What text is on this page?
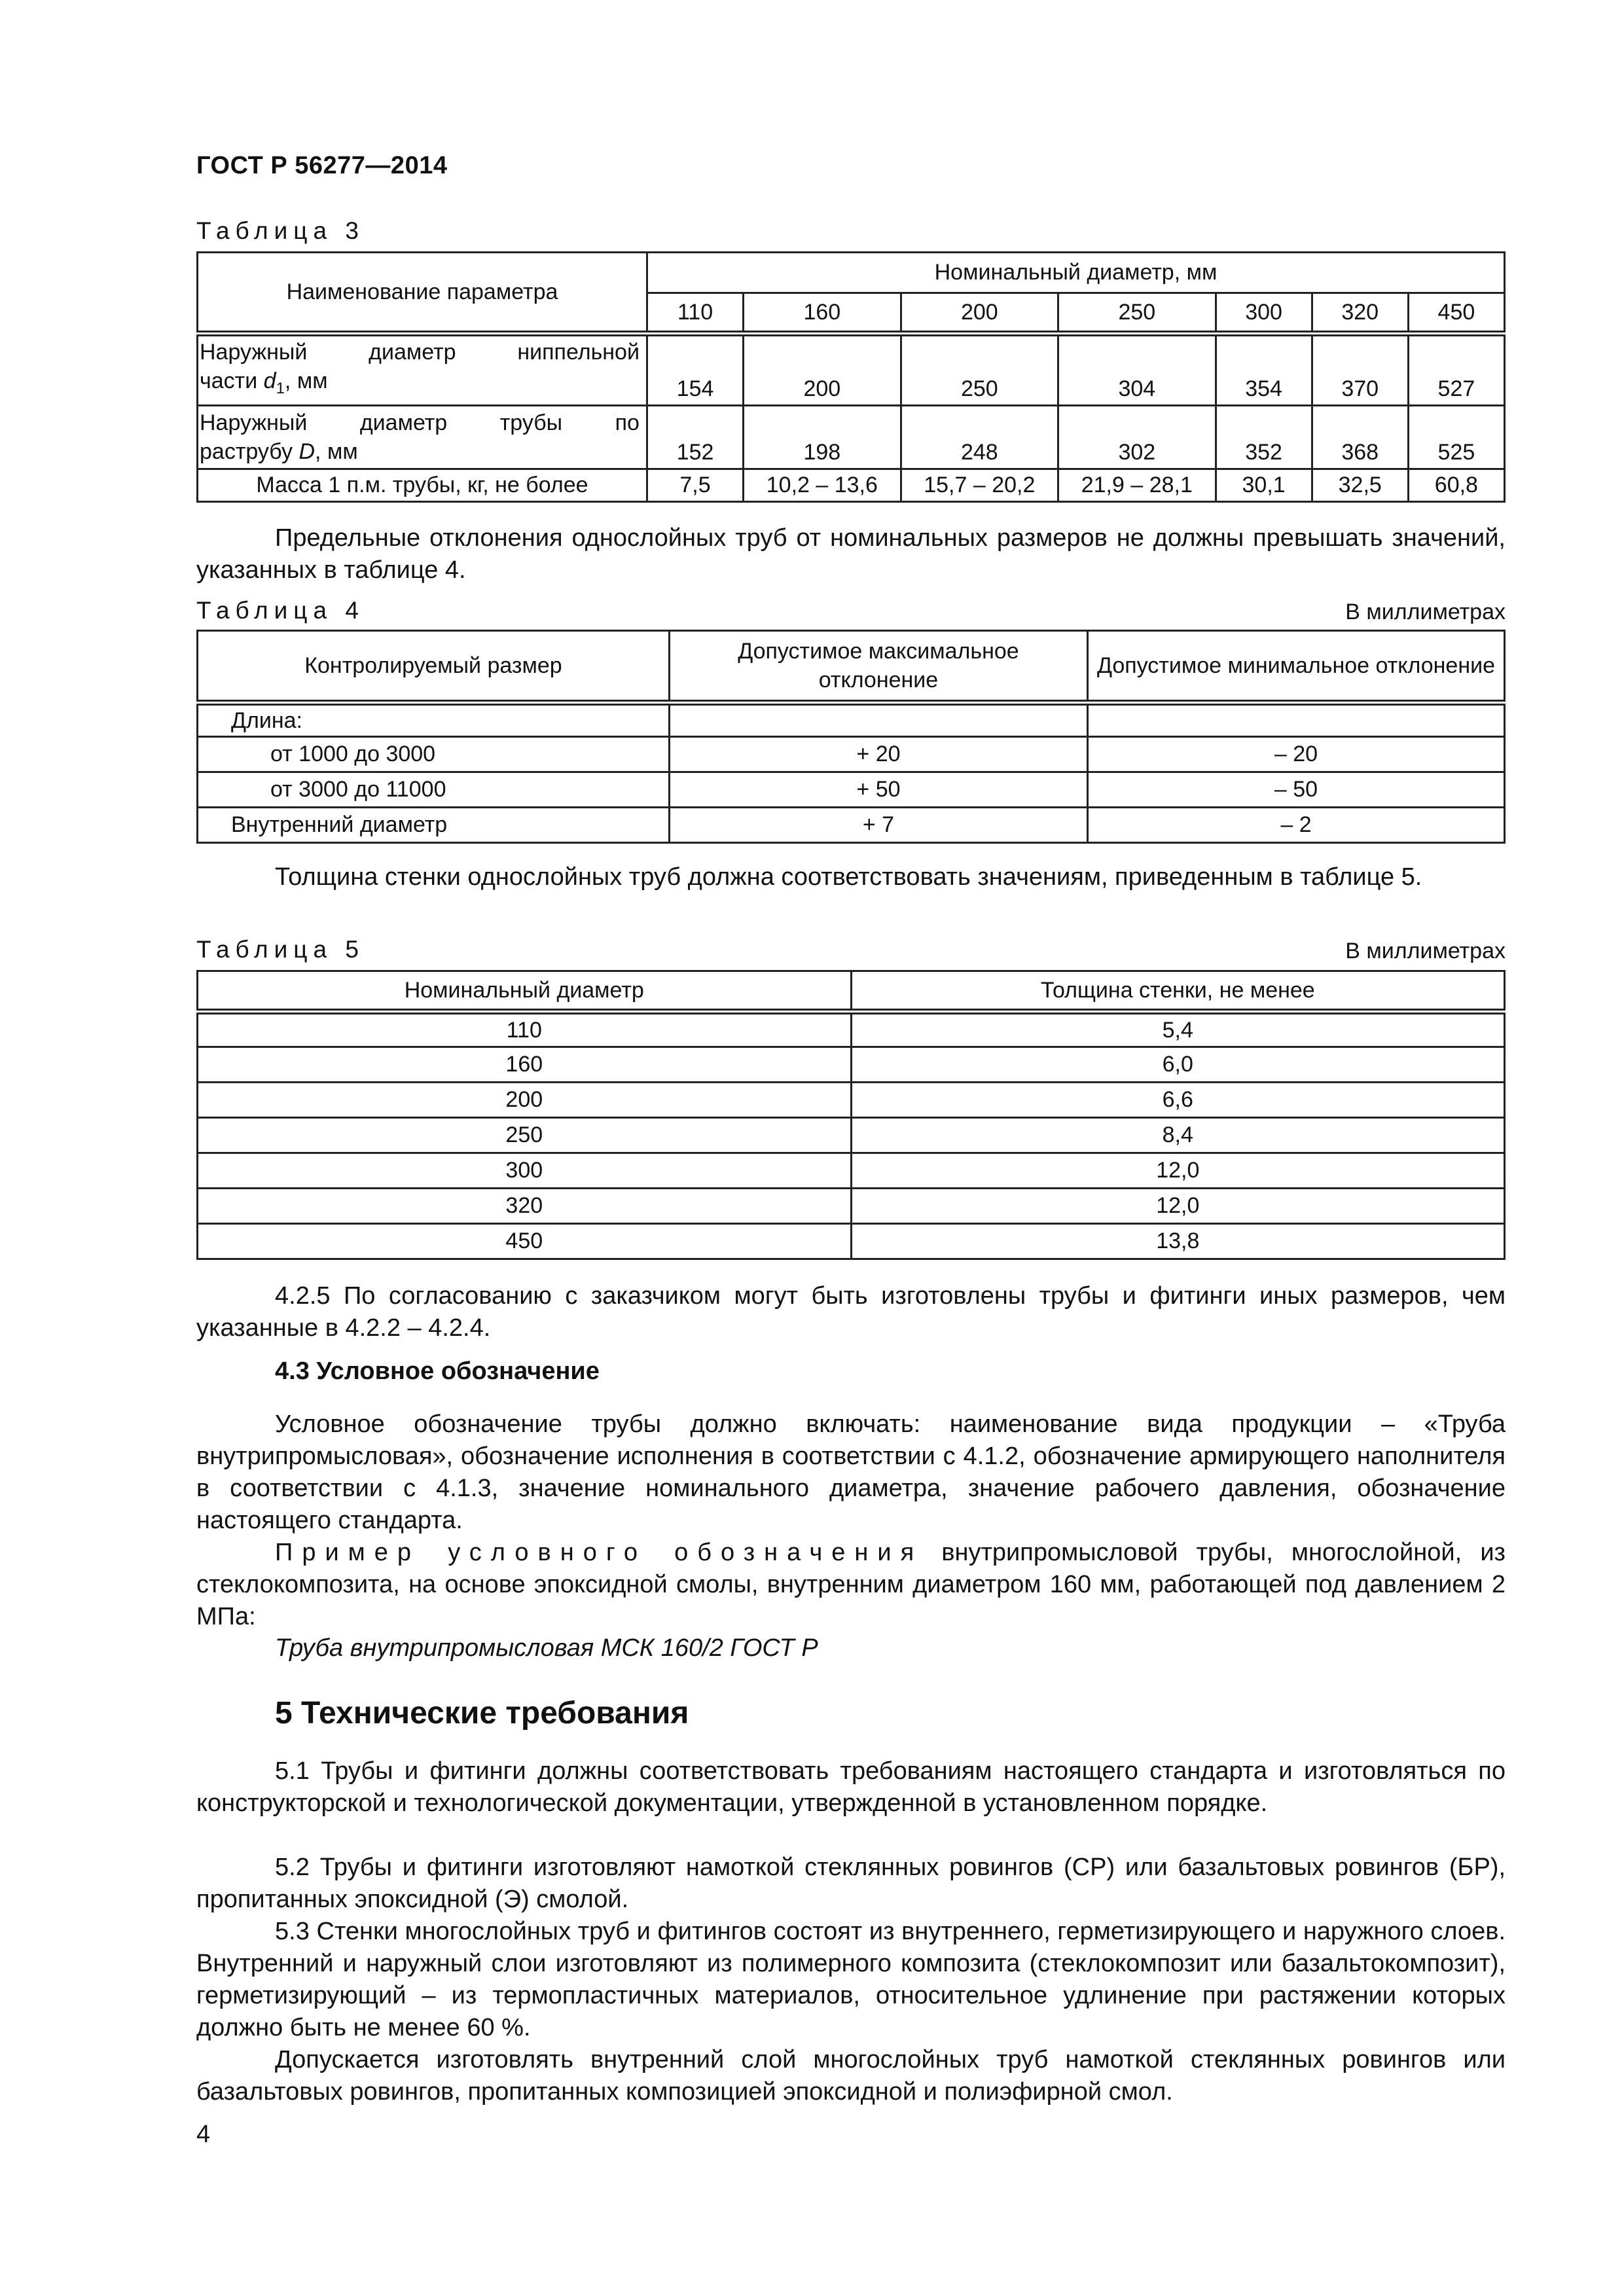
ГОСТ Р 56277—2014
Таблица 3
Наименование параметра	Номинальный диаметр, мм						
	110	160	200	250	300	320	450

Наружный диаметр ниппельной
части $d_1$, мм	154	200	250	304	354	370	527

Наружный диаметр трубы по
раструбу D, мм	152	198	248	302	352	368	525
Масса 1 п.м. трубы, кг, не более	7,5	10,2 – 13,6	15,7 – 20,2	21,9 – 28,1	30,1	32,5	60,8
Предельные отклонения однослойных труб от номинальных размеров не должны превышать значений, указанных в таблице 4.
Таблица 4	В миллиметрах
Контролируемый размер	Допустимое максимальное отклонение	Допустимое минимальное отклонение
Длина:		
от 1000 до 3000	+ 20	– 20
от 3000 до 11000	+ 50	– 50
Внутренний диаметр	+ 7	– 2
Толщина стенки однослойных труб должна соответствовать значениям, приведенным в таблице 5.
Таблица 5	В миллиметрах
Номинальный диаметр	Толщина стенки, не менее
110	5,4
160	6,0
200	6,6
250	8,4
300	12,0
320	12,0
450	13,8
4.2.5 По согласованию с заказчиком могут быть изготовлены трубы и фитинги иных размеров, чем указанные в 4.2.2 – 4.2.4.
4.3 Условное обозначение
Условное обозначение трубы должно включать: наименование вида продукции – «Труба внутрипромысловая», обозначение исполнения в соответствии с 4.1.2, обозначение армирующего наполнителя в соответствии с 4.1.3, значение номинального диаметра, значение рабочего давления, обозначение настоящего стандарта.
Пример условного обозначения внутрипромысловой трубы, многослойной, из стеклокомпозита, на основе эпоксидной смолы, внутренним диаметром 160 мм, работающей под давлением 2 МПа:
Труба внутрипромысловая МСК 160/2 ГОСТ Р
5 Технические требования
5.1 Трубы и фитинги должны соответствовать требованиям настоящего стандарта и изготовляться по конструкторской и технологической документации, утвержденной в установленном порядке.
5.2 Трубы и фитинги изготовляют намоткой стеклянных ровингов (СР) или базальтовых ровингов (БР), пропитанных эпоксидной (Э) смолой.
5.3 Стенки многослойных труб и фитингов состоят из внутреннего, герметизирующего и наружного слоев. Внутренний и наружный слои изготовляют из полимерного композита (стеклокомпозит или базальтокомпозит), герметизирующий – из термопластичных материалов, относительное удлинение при растяжении которых должно быть не менее 60 %.
Допускается изготовлять внутренний слой многослойных труб намоткой стеклянных ровингов или базальтовых ровингов, пропитанных композицией эпоксидной и полиэфирной смол.
4
